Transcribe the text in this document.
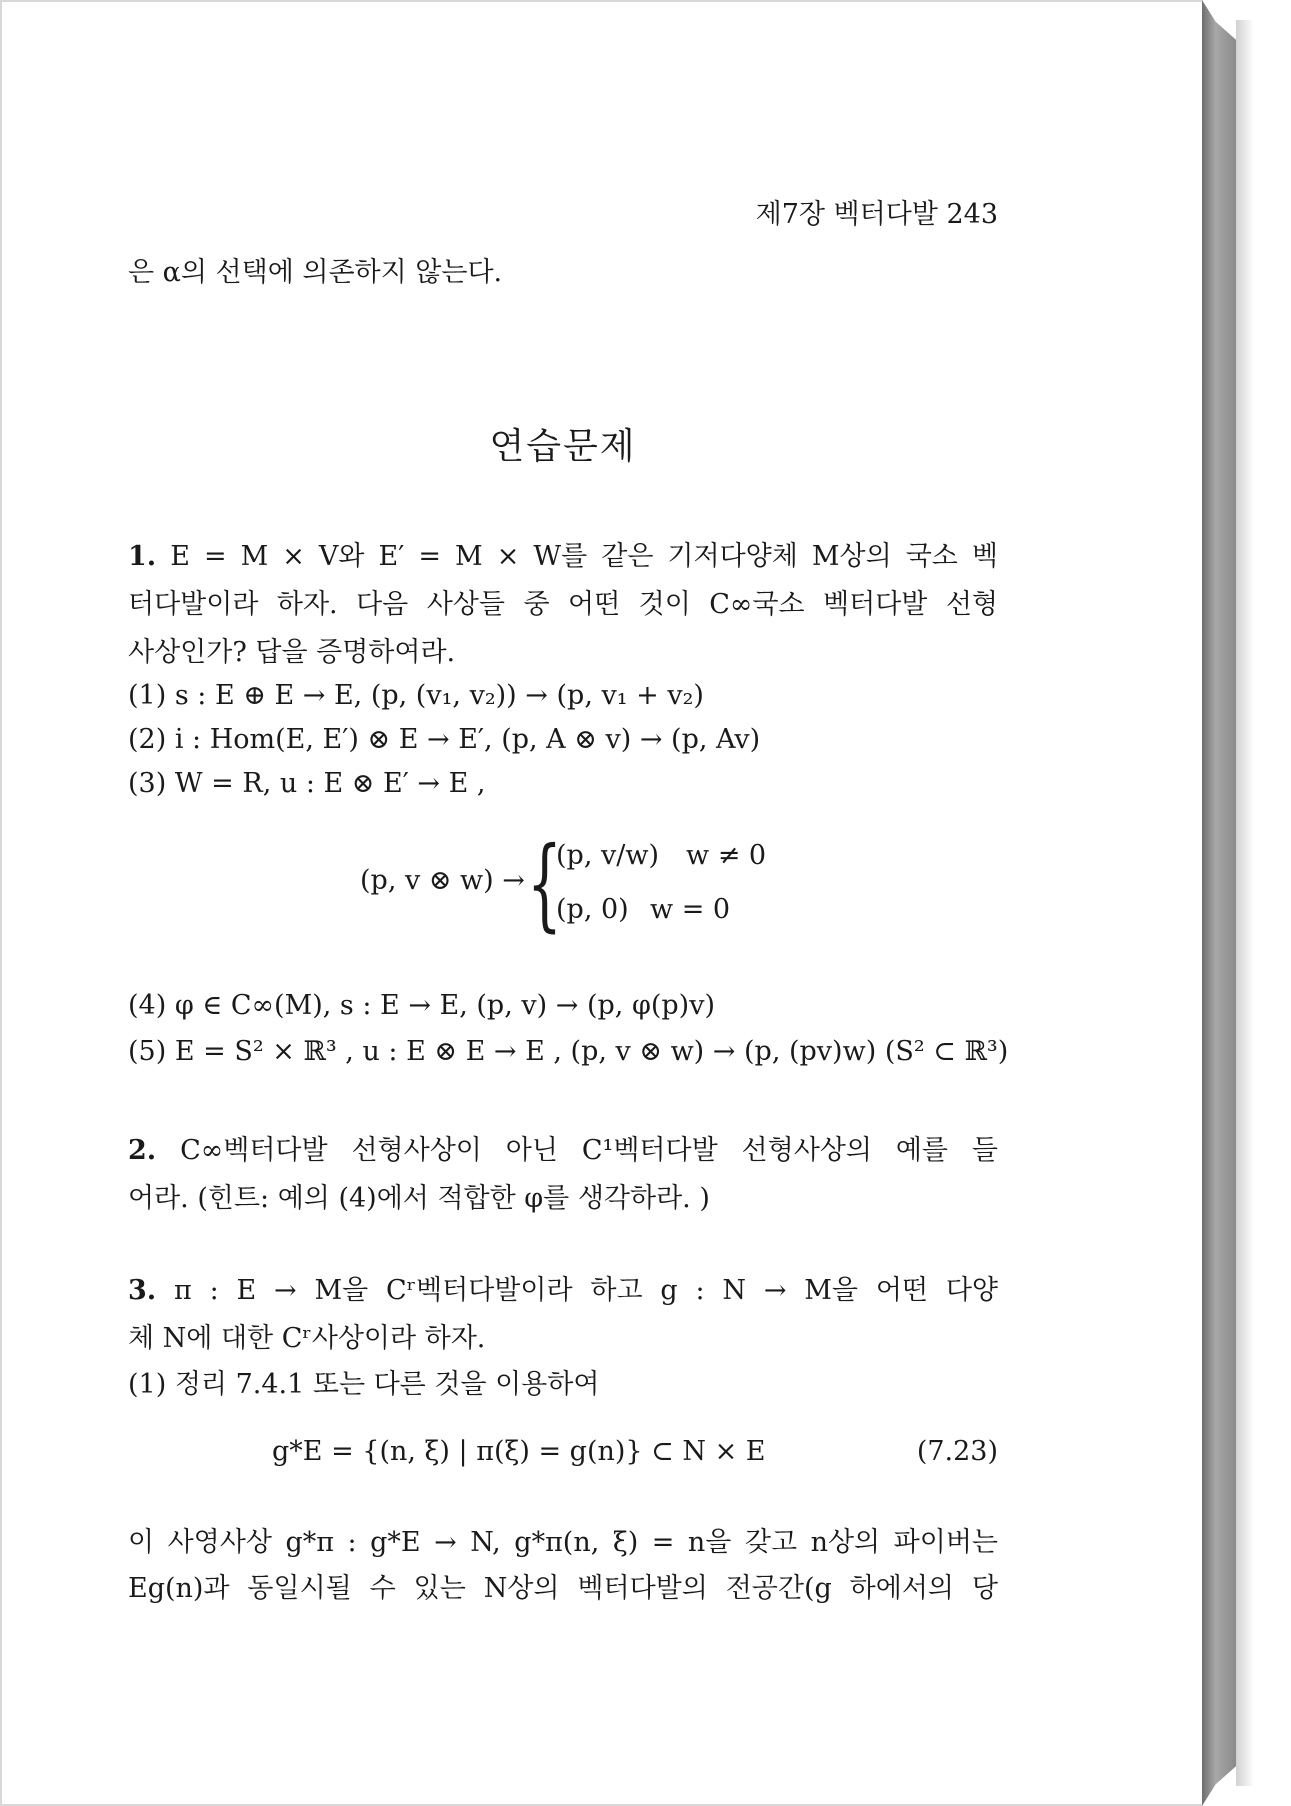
제7장 벡터다발 243
은 α의 선택에 의존하지 않는다.
연습문제
1. E = M × V와 E′ = M × W를 같은 기저다양체 M상의 국소 벡
터다발이라 하자. 다음 사상들 중 어떤 것이 C∞국소 벡터다발 선형
사상인가? 답을 증명하여라.
(1) s : E ⊕ E → E, (p, (v₁, v₂)) → (p, v₁ + v₂)
(2) i : Hom(E, E′) ⊗ E → E′, (p, A ⊗ v) → (p, Av)
(3) W = R, u : E ⊗ E′ → E ,
(p, v ⊗ w) → {
(p, v/w) w ≠ 0
(p, 0) w = 0
(4) φ ∈ C∞(M), s : E → E, (p, v) → (p, φ(p)v)
(5) E = S² × ℝ³ , u : E ⊗ E → E , (p, v ⊗ w) → (p, (pv)w) (S² ⊂ ℝ³)
2. C∞벡터다발 선형사상이 아닌 C¹벡터다발 선형사상의 예를 들
어라. (힌트: 예의 (4)에서 적합한 φ를 생각하라. )
3. π : E → M을 Cʳ벡터다발이라 하고 g : N → M을 어떤 다양
체 N에 대한 Cʳ사상이라 하자.
(1) 정리 7.4.1 또는 다른 것을 이용하여
g*E = {(n, ξ) | π(ξ) = g(n)} ⊂ N × E	(7.23)
이 사영사상 g*π : g*E → N, g*π(n, ξ) = n을 갖고 n상의 파이버는
Eg(n)과 동일시될 수 있는 N상의 벡터다발의 전공간(g 하에서의 당
